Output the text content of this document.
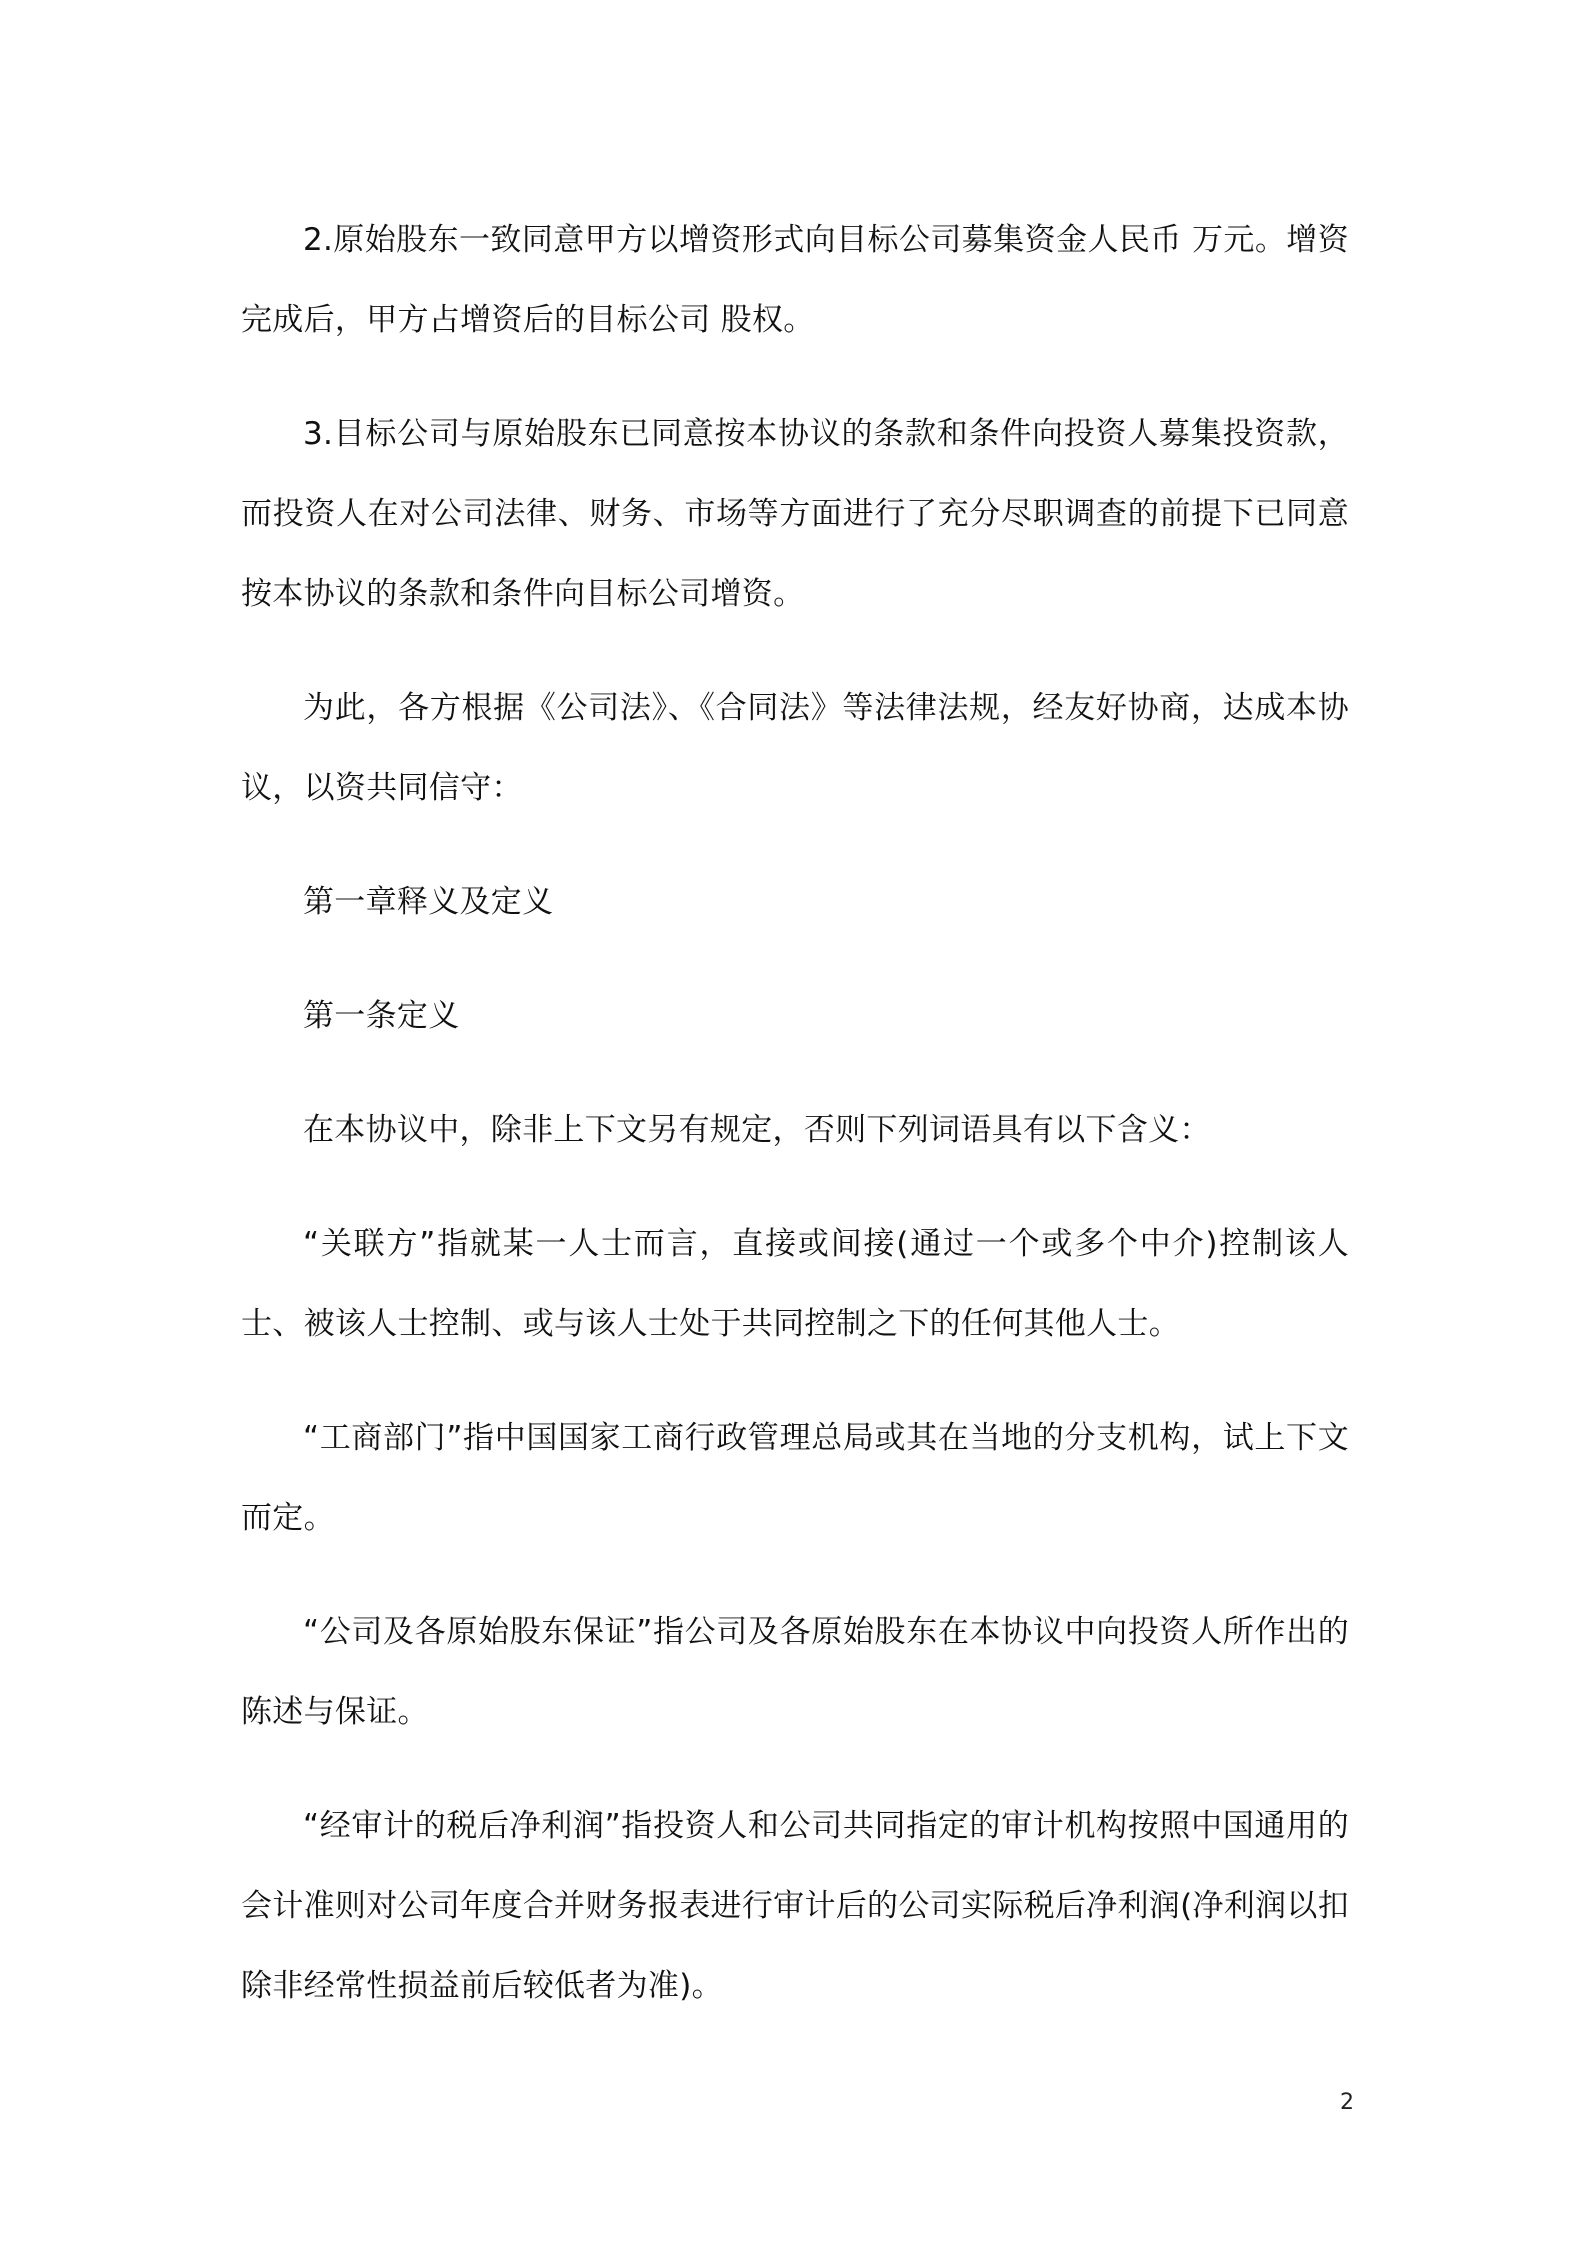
2.原始股东一致同意甲方以增资形式向目标公司募集资金人民币 万元。增资完成后，甲方占增资后的目标公司 股权。

3.目标公司与原始股东已同意按本协议的条款和条件向投资人募集投资款，而投资人在对公司法律、财务、市场等方面进行了充分尽职调查的前提下已同意按本协议的条款和条件向目标公司增资。

为此，各方根据《公司法》、《合同法》等法律法规，经友好协商，达成本协议，以资共同信守：

第一章释义及定义

第一条定义

在本协议中，除非上下文另有规定，否则下列词语具有以下含义：

“关联方”指就某一人士而言，直接或间接(通过一个或多个中介)控制该人士、被该人士控制、或与该人士处于共同控制之下的任何其他人士。

“工商部门”指中国国家工商行政管理总局或其在当地的分支机构，试上下文而定。

“公司及各原始股东保证”指公司及各原始股东在本协议中向投资人所作出的陈述与保证。

“经审计的税后净利润”指投资人和公司共同指定的审计机构按照中国通用的会计准则对公司年度合并财务报表进行审计后的公司实际税后净利润(净利润以扣除非经常性损益前后较低者为准)。

2
